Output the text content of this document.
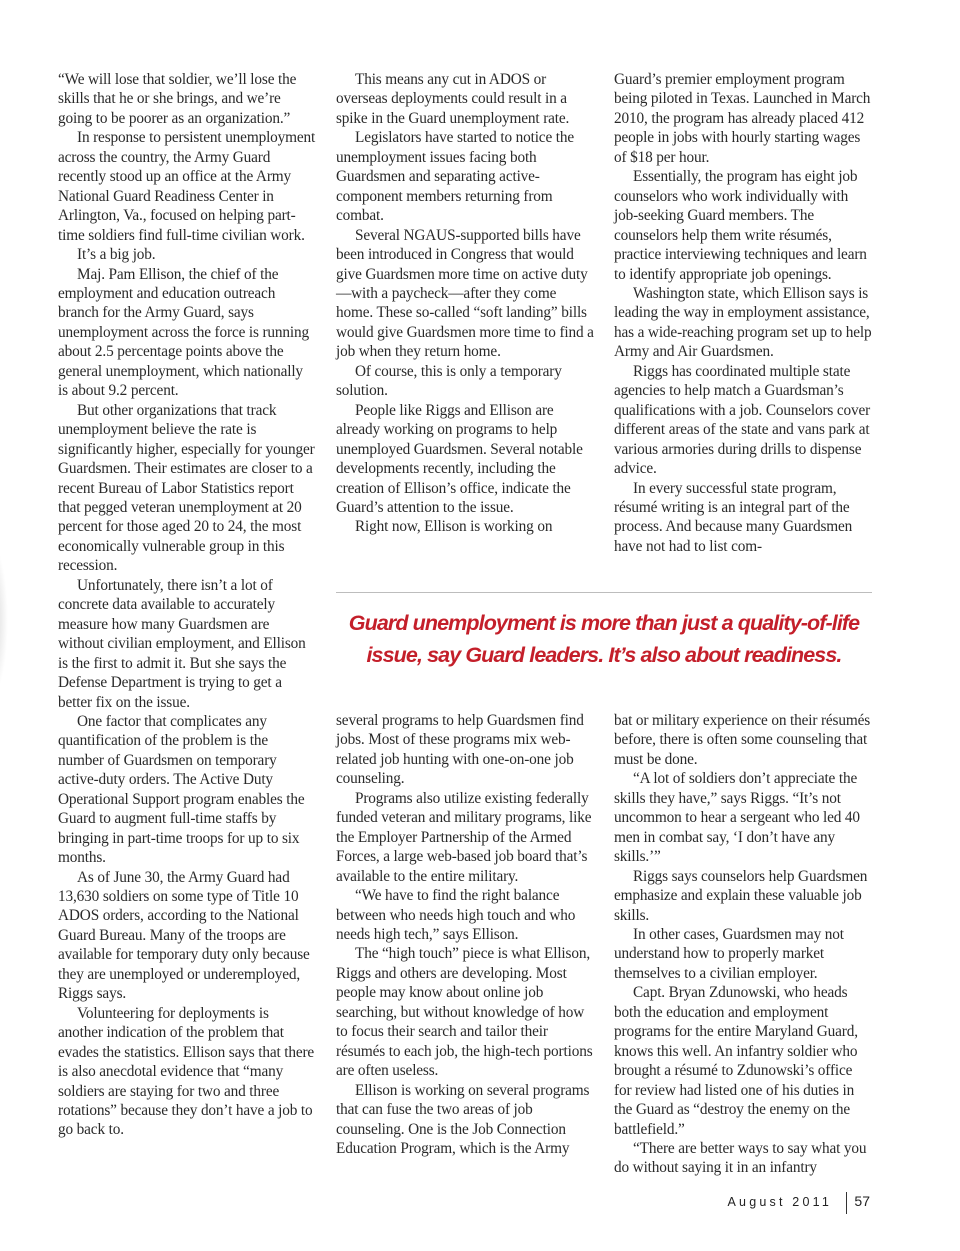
“We will lose that soldier, we’ll lose the skills that he or she brings, and we’re going to be poorer as an organization.”

In response to persistent unemployment across the country, the Army Guard recently stood up an office at the Army National Guard Readiness Center in Arlington, Va., focused on helping part-time soldiers find full-time civilian work.

It’s a big job.

Maj. Pam Ellison, the chief of the employment and education outreach branch for the Army Guard, says unemployment across the force is running about 2.5 percentage points above the general unemployment, which nationally is about 9.2 percent.

But other organizations that track unemployment believe the rate is significantly higher, especially for younger Guardsmen. Their estimates are closer to a recent Bureau of Labor Statistics report that pegged veteran unemployment at 20 percent for those aged 20 to 24, the most economically vulnerable group in this recession.

Unfortunately, there isn’t a lot of concrete data available to accurately measure how many Guardsmen are without civilian employment, and Ellison is the first to admit it. But she says the Defense Department is trying to get a better fix on the issue.

One factor that complicates any quantification of the problem is the number of Guardsmen on temporary active-duty orders. The Active Duty Operational Support program enables the Guard to augment full-time staffs by bringing in part-time troops for up to six months.

As of June 30, the Army Guard had 13,630 soldiers on some type of Title 10 ADOS orders, according to the National Guard Bureau. Many of the troops are available for temporary duty only because they are unemployed or underemployed, Riggs says.

Volunteering for deployments is another indication of the problem that evades the statistics. Ellison says that there is also anecdotal evidence that “many soldiers are staying for two and three rotations” because they don’t have a job to go back to.

This means any cut in ADOS or overseas deployments could result in a spike in the Guard unemployment rate.

Legislators have started to notice the unemployment issues facing both Guardsmen and separating active-component members returning from combat.

Several NGAUS-supported bills have been introduced in Congress that would give Guardsmen more time on active duty—with a paycheck—after they come home. These so-called “soft landing” bills would give Guardsmen more time to find a job when they return home.

Of course, this is only a temporary solution.

People like Riggs and Ellison are already working on programs to help unemployed Guardsmen. Several notable developments recently, including the creation of Ellison’s office, indicate the Guard’s attention to the issue.

Right now, Ellison is working on

Guard’s premier employment program being piloted in Texas. Launched in March 2010, the program has already placed 412 people in jobs with hourly starting wages of $18 per hour.

Essentially, the program has eight job counselors who work individually with job-seeking Guard members. The counselors help them write résumés, practice interviewing techniques and learn to identify appropriate job openings.

Washington state, which Ellison says is leading the way in employment assistance, has a wide-reaching program set up to help Army and Air Guardsmen.

Riggs has coordinated multiple state agencies to help match a Guardsman’s qualifications with a job. Counselors cover different areas of the state and vans park at various armories during drills to dispense advice.

In every successful state program, résumé writing is an integral part of the process. And because many Guardsmen have not had to list com-

Guard unemployment is more than just a quality-of-life
issue, say Guard leaders. It’s also about readiness.

several programs to help Guardsmen find jobs. Most of these programs mix web-related job hunting with one-on-one job counseling.

Programs also utilize existing federally funded veteran and military programs, like the Employer Partnership of the Armed Forces, a large web-based job board that’s available to the entire military.

“We have to find the right balance between who needs high touch and who needs high tech,” says Ellison.

The “high touch” piece is what Ellison, Riggs and others are developing. Most people may know about online job searching, but without knowledge of how to focus their search and tailor their résumés to each job, the high-tech portions are often useless.

Ellison is working on several programs that can fuse the two areas of job counseling. One is the Job Connection Education Program, which is the Army

bat or military experience on their résumés before, there is often some counseling that must be done.

“A lot of soldiers don’t appreciate the skills they have,” says Riggs. “It’s not uncommon to hear a sergeant who led 40 men in combat say, ‘I don’t have any skills.’”

Riggs says counselors help Guardsmen emphasize and explain these valuable job skills.

In other cases, Guardsmen may not understand how to properly market themselves to a civilian employer.

Capt. Bryan Zdunowski, who heads both the education and employment programs for the entire Maryland Guard, knows this well. An infantry soldier who brought a résumé to Zdunowski’s office for review had listed one of his duties in the Guard as “destroy the enemy on the battlefield.”

“There are better ways to say what you do without saying it in an infantry

August 2011 57
